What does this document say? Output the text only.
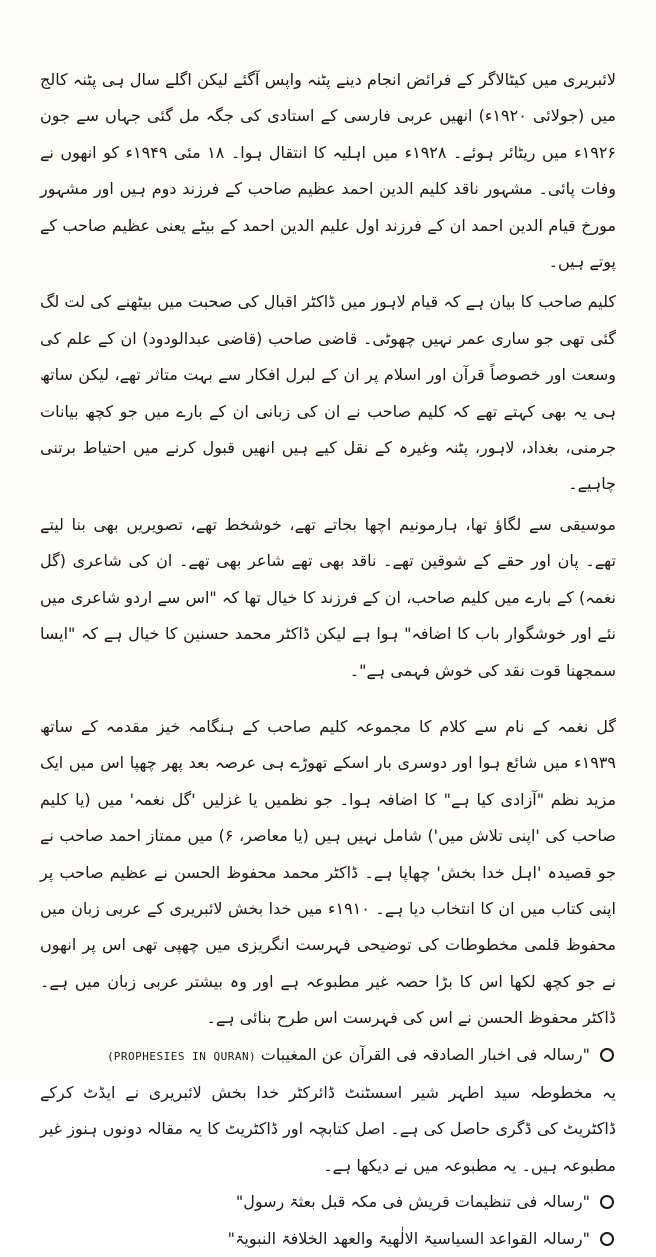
لائبریری میں کیٹالاگر کے فرائض انجام دینے پٹنہ واپس آگئے لیکن اگلے سال ہی پٹنہ کالج میں (جولائی ۱۹۲۰ء) انھیں عربی فارسی کے استادی کی جگہ مل گئی جہاں سے جون ۱۹۲۶ء میں ریٹائر ہوئے۔ ۱۹۲۸ء میں اہلیہ کا انتقال ہوا۔ ۱۸ مئی ۱۹۴۹ء کو انھوں نے وفات پائی۔ مشہور ناقد کلیم الدین احمد عظیم صاحب کے فرزند دوم ہیں اور مشہور مورخ قیام الدین احمد ان کے فرزند اول علیم الدین احمد کے بیٹے یعنی عظیم صاحب کے پوتے ہیں۔

کلیم صاحب کا بیان ہے کہ قیام لاہور میں ڈاکٹر اقبال کی صحبت میں بیٹھنے کی لت لگ گئی تھی جو ساری عمر نہیں چھوٹی۔ قاضی صاحب (قاضی عبدالودود) ان کے علم کی وسعت اور خصوصاً قرآن اور اسلام پر ان کے لبرل افکار سے بہت متاثر تھے، لیکن ساتھ ہی یہ بھی کہتے تھے کہ کلیم صاحب نے ان کی زبانی ان کے بارے میں جو کچھ بیانات جرمنی، بغداد، لاہور، پٹنہ وغیرہ کے نقل کیے ہیں انھیں قبول کرنے میں احتیاط برتنی چاہیے۔

موسیقی سے لگاؤ تھا، ہارمونیم اچھا بجاتے تھے، خوشخط تھے، تصویریں بھی بنا لیتے تھے۔ پان اور حقے کے شوقین تھے۔ ناقد بھی تھے شاعر بھی تھے۔ ان کی شاعری (گل نغمہ) کے بارے میں کلیم صاحب، ان کے فرزند کا خیال تھا کہ "اس سے اردو شاعری میں نئے اور خوشگوار باب کا اضافہ" ہوا ہے لیکن ڈاکٹر محمد حسنین کا خیال ہے کہ "ایسا سمجھنا قوت نقد کی خوش فہمی ہے"۔

گل نغمہ کے نام سے کلام کا مجموعہ کلیم صاحب کے ہنگامہ خیز مقدمہ کے ساتھ ۱۹۳۹ء میں شائع ہوا اور دوسری بار اسکے تھوڑے ہی عرصہ بعد پھر چھپا اس میں ایک مزید نظم "آزادی کیا ہے" کا اضافہ ہوا۔ جو نظمیں یا غزلیں 'گل نغمہ' میں (یا کلیم صاحب کی 'اپنی تلاش میں') شامل نہیں ہیں (یا معاصر، ۶) میں ممتاز احمد صاحب نے جو قصیدہ 'اہل خدا بخش' چھاپا ہے۔ ڈاکٹر محمد محفوظ الحسن نے عظیم صاحب پر اپنی کتاب میں ان کا انتخاب دیا ہے۔ ۱۹۱۰ء میں خدا بخش لائبریری کے عربی زبان میں محفوظ قلمی مخطوطات کی توضیحی فہرست انگریزی میں چھپی تھی اس پر انھوں نے جو کچھ لکھا اس کا بڑا حصہ غیر مطبوعہ ہے اور وہ بیشتر عربی زبان میں ہے۔ ڈاکٹر محفوظ الحسن نے اس کی فہرست اس طرح بنائی ہے۔

"رسالہ فی اخبار الصادقہ فی القرآن عن المغیبات (PROPHESIES IN QURAN)

یہ مخطوطہ سید اطہر شیر اسسٹنٹ ڈائرکٹر خدا بخش لائبریری نے ایڈٹ کرکے ڈاکٹریٹ کی ڈگری حاصل کی ہے۔ اصل کتابچہ اور ڈاکٹریٹ کا یہ مقالہ دونوں ہنوز غیر مطبوعہ ہیں۔ یہ مطبوعہ میں نے دیکھا ہے۔

"رسالہ فی تنظیمات قریش فی مکہ قبل بعثۃ رسول"
"رسالہ القواعد السیاسیۃ الالٰھیۃ والعھد الخلافۃ النبویۃ"
